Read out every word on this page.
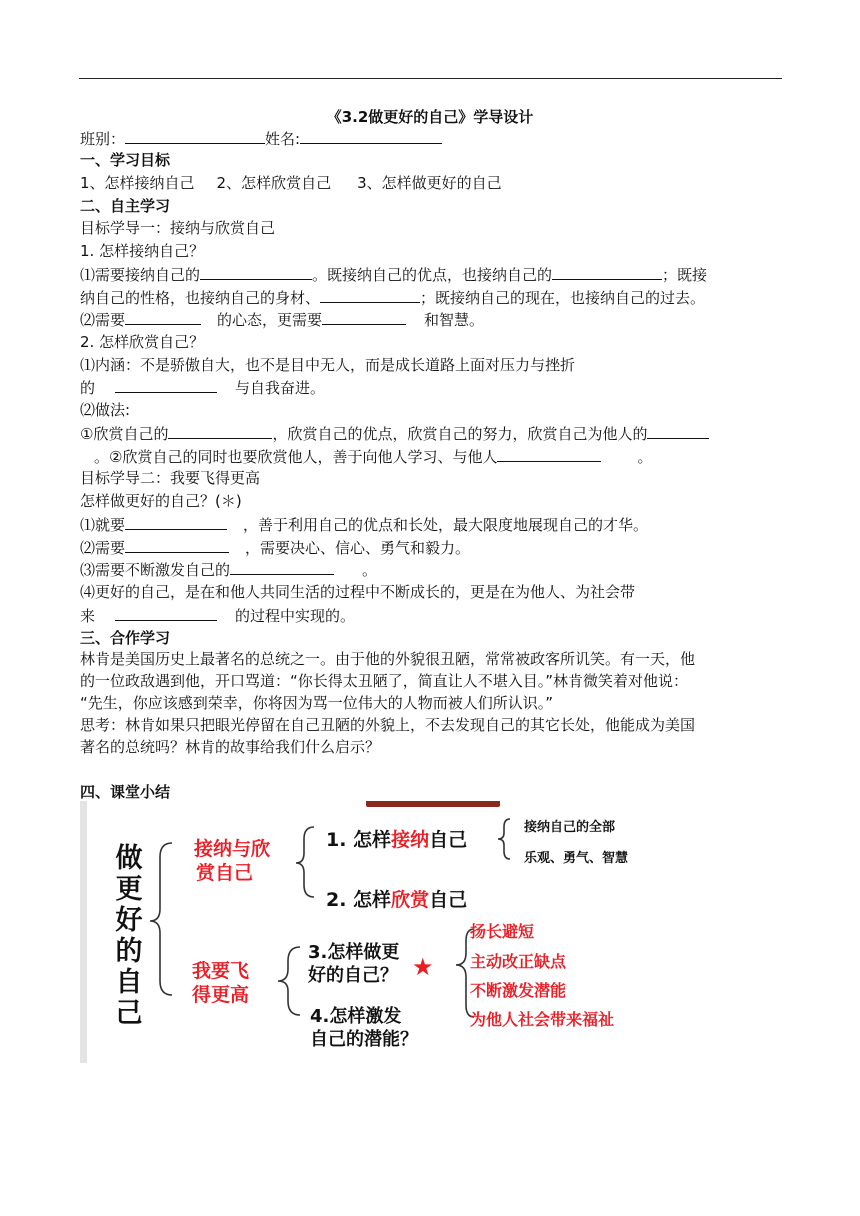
《3.2做更好的自己》学导设计
班别：	姓名:
一、学习目标
1、怎样接纳自己 2、怎样欣赏自己 3、怎样做更好的自己
二、自主学习
目标学导一：接纳与欣赏自己
1. 怎样接纳自己？
⑴需要接纳自己的	。既接纳自己的优点，也接纳自己的	；既接
纳自己的性格，也接纳自己的身材、	；既接纳自己的现在，也接纳自己的过去。
⑵需要	的心态，更需要	和智慧。
2. 怎样欣赏自己？
⑴内涵：不是骄傲自大，也不是目中无人，而是成长道路上面对压力与挫折
的	与自我奋进。
⑵做法:
①欣赏自己的	，欣赏自己的优点，欣赏自己的努力，欣赏自己为他人的
。②欣赏自己的同时也要欣赏他人，善于向他人学习、与他人	。
目标学导二：我要飞得更高
怎样做更好的自己？(＊)
⑴就要	，善于利用自己的优点和长处，最大限度地展现自己的才华。
⑵需要	，需要决心、信心、勇气和毅力。
⑶需要不断激发自己的	。
⑷更好的自己，是在和他人共同生活的过程中不断成长的，更是在为他人、为社会带
来	的过程中实现的。
三、合作学习
林肯是美国历史上最著名的总统之一。由于他的外貌很丑陋，常常被政客所讥笑。有一天，他
的一位政敌遇到他，开口骂道：“你长得太丑陋了，简直让人不堪入目。”林肯微笑着对他说：
“先生，你应该感到荣幸，你将因为骂一位伟大的人物而被人们所认识。”
思考：林肯如果只把眼光停留在自己丑陋的外貌上，不去发现自己的其它长处，他能成为美国
著名的总统吗？林肯的故事给我们什么启示？
四、课堂小结
做
更
好
的
自
己
接纳与欣
赏自己
我要飞
得更高
1. 怎样接纳自己
接纳自己的全部
乐观、勇气、智慧
2. 怎样欣赏自己
3.怎样做更
好的自己？ ★
4.怎样激发
自己的潜能？
扬长避短
主动改正缺点
不断激发潜能
为他人社会带来福祉
